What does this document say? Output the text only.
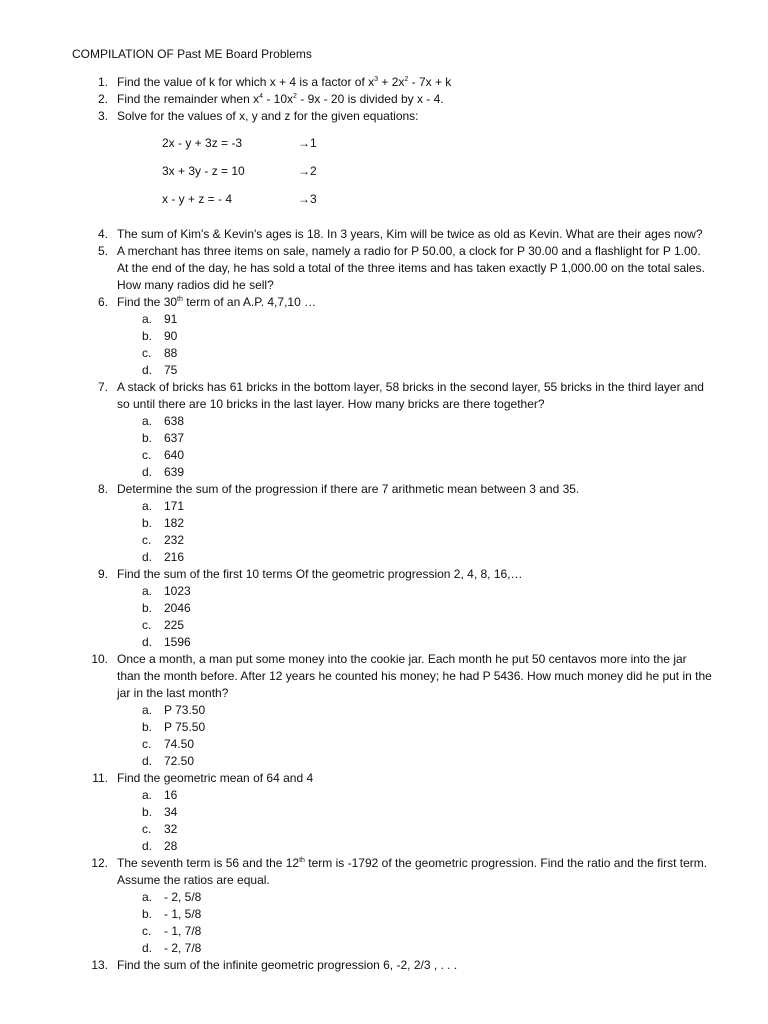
COMPILATION OF Past ME Board Problems
1. Find the value of k for which x + 4 is a factor of $x^3 + 2x^2 - 7x + k$
2. Find the remainder when $x^4 - 10x^2 - 9x - 20$ is divided by x - 4.
3. Solve for the values of x, y and z for the given equations:
2x - y + 3z = -3	→1
3x + 3y - z = 10	→2
x - y + z = - 4	→3
4. The sum of Kim's & Kevin's ages is 18. In 3 years, Kim will be twice as old as Kevin. What are their ages now?
5. A merchant has three items on sale, namely a radio for P 50.00, a clock for P 30.00 and a flashlight for P 1.00. At the end of the day, he has sold a total of the three items and has taken exactly P 1,000.00 on the total sales. How many radios did he sell?
6. Find the 30th term of an A.P. 4,7,10 …
a. 91
b. 90
c. 88
d. 75
7. A stack of bricks has 61 bricks in the bottom layer, 58 bricks in the second layer, 55 bricks in the third layer and so until there are 10 bricks in the last layer. How many bricks are there together?
a. 638
b. 637
c. 640
d. 639
8. Determine the sum of the progression if there are 7 arithmetic mean between 3 and 35.
a. 171
b. 182
c. 232
d. 216
9. Find the sum of the first 10 terms Of the geometric progression 2, 4, 8, 16,…
a. 1023
b. 2046
c. 225
d. 1596
10. Once a month, a man put some money into the cookie jar. Each month he put 50 centavos more into the jar than the month before. After 12 years he counted his money; he had P 5436. How much money did he put in the jar in the last month?
a. P 73.50
b. P 75.50
c. 74.50
d. 72.50
11. Find the geometric mean of 64 and 4
a. 16
b. 34
c. 32
d. 28
12. The seventh term is 56 and the 12th term is -1792 of the geometric progression. Find the ratio and the first term. Assume the ratios are equal.
a. - 2, 5/8
b. - 1, 5/8
c. - 1, 7/8
d. - 2, 7/8
13. Find the sum of the infinite geometric progression 6, -2, 2/3 , . . .
